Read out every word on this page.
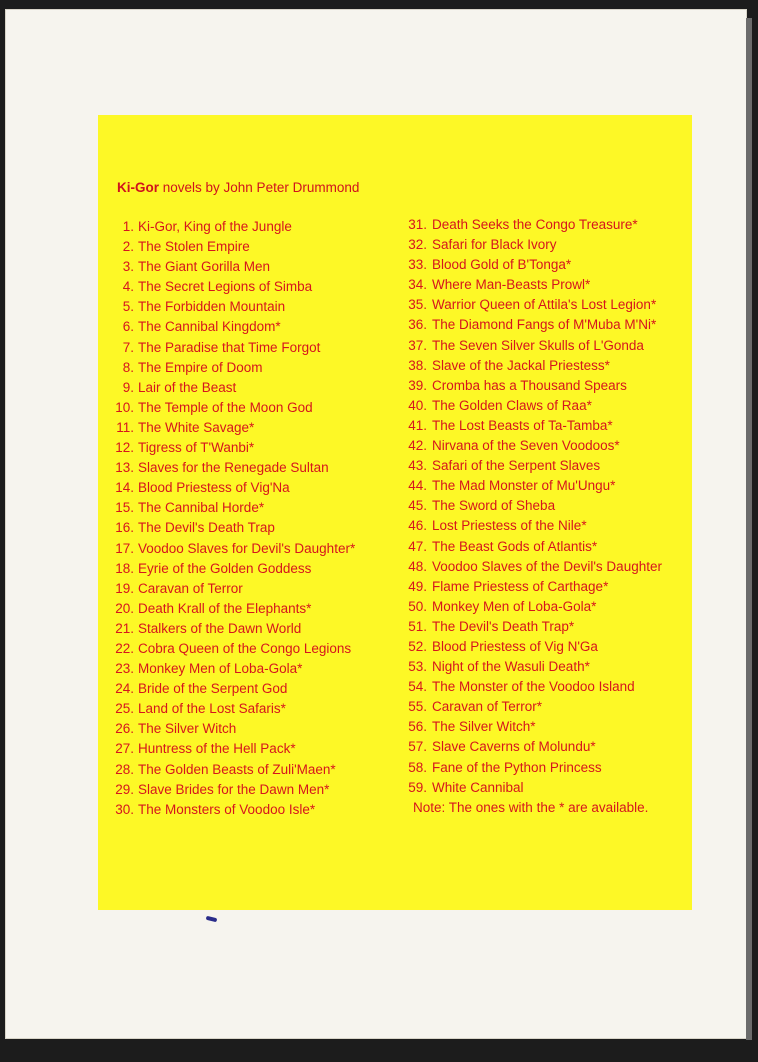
Ki-Gor novels by John Peter Drummond
1. Ki-Gor, King of the Jungle
2. The Stolen Empire
3. The Giant Gorilla Men
4. The Secret Legions of Simba
5. The Forbidden Mountain
6. The Cannibal Kingdom*
7. The Paradise that Time Forgot
8. The Empire of Doom
9. Lair of the Beast
10. The Temple of the Moon God
11. The White Savage*
12. Tigress of T'Wanbi*
13. Slaves for the Renegade Sultan
14. Blood Priestess of Vig'Na
15. The Cannibal Horde*
16. The Devil's Death Trap
17. Voodoo Slaves for Devil's Daughter*
18. Eyrie of the Golden Goddess
19. Caravan of Terror
20. Death Krall of the Elephants*
21. Stalkers of the Dawn World
22. Cobra Queen of the Congo Legions
23. Monkey Men of Loba-Gola*
24. Bride of the Serpent God
25. Land of the Lost Safaris*
26. The Silver Witch
27. Huntress of the Hell Pack*
28. The Golden Beasts of Zuli'Maen*
29. Slave Brides for the Dawn Men*
30. The Monsters of Voodoo Isle*
31. Death Seeks the Congo Treasure*
32. Safari for Black Ivory
33. Blood Gold of B'Tonga*
34. Where Man-Beasts Prowl*
35. Warrior Queen of Attila's Lost Legion*
36. The Diamond Fangs of M'Muba M'Ni*
37. The Seven Silver Skulls of L'Gonda
38. Slave of the Jackal Priestess*
39. Cromba has a Thousand Spears
40. The Golden Claws of Raa*
41. The Lost Beasts of Ta-Tamba*
42. Nirvana of the Seven Voodoos*
43. Safari of the Serpent Slaves
44. The Mad Monster of Mu'Ungu*
45. The Sword of Sheba
46. Lost Priestess of the Nile*
47. The Beast Gods of Atlantis*
48. Voodoo Slaves of the Devil's Daughter
49. Flame Priestess of Carthage*
50. Monkey Men of Loba-Gola*
51. The Devil's Death Trap*
52. Blood Priestess of Vig N'Ga
53. Night of the Wasuli Death*
54. The Monster of the Voodoo Island
55. Caravan of Terror*
56. The Silver Witch*
57. Slave Caverns of Molundu*
58. Fane of the Python Princess
59. White Cannibal
Note: The ones with the * are available.
